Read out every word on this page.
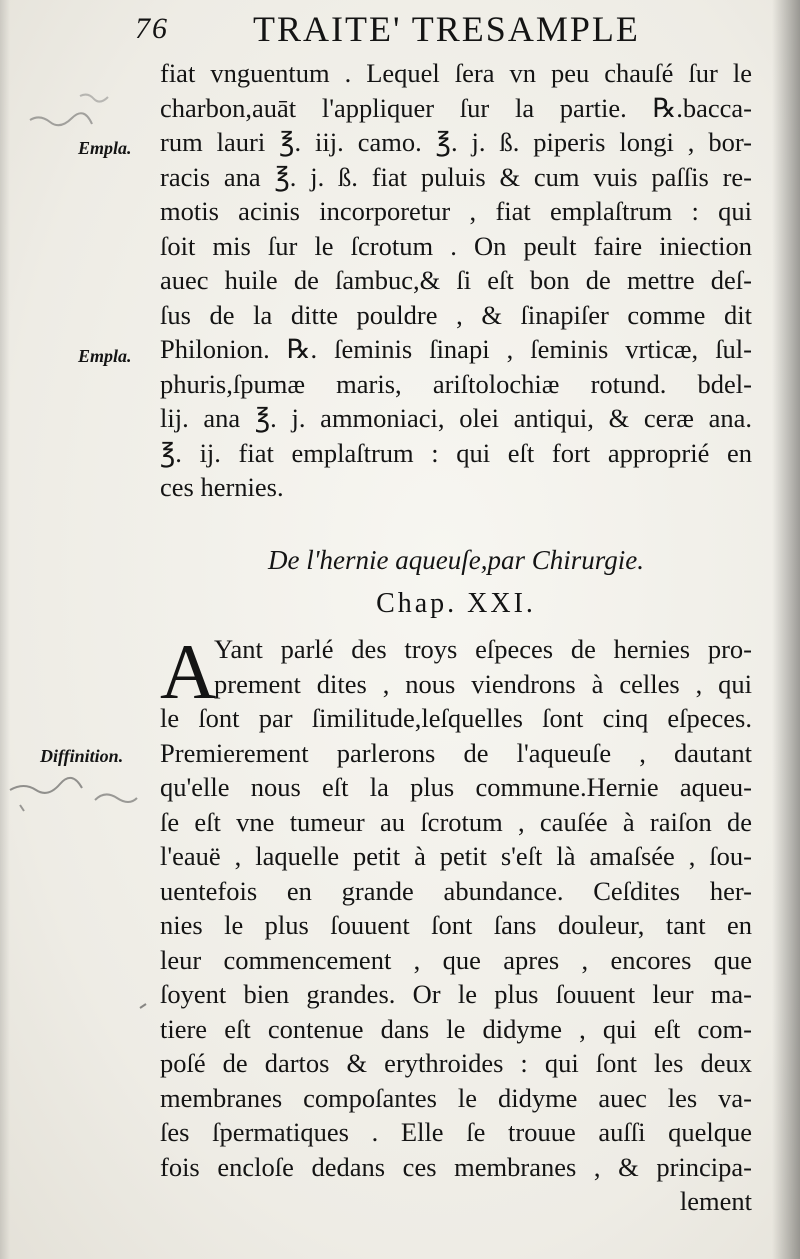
76 TRAITE' TRESAMPLE
Empla.
Empla.
Diffinition.
fiat vnguentum . Lequel ſera vn peu chauſé ſur le
charbon,auāt l'appliquer ſur la partie. ℞.bacca-
rum lauri ℥. iij. camo. ℥. j. ß. piperis longi , bor-
racis ana ℥. j. ß. fiat puluis & cum vuis paſſis re-
motis acinis incorporetur , fiat emplaſtrum : qui
ſoit mis ſur le ſcrotum . On peult faire iniection
auec huile de ſambuc,& ſi eſt bon de mettre deſ-
ſus de la ditte pouldre , & ſinapiſer comme dit
Philonion. ℞. ſeminis ſinapi , ſeminis vrticæ, ſul-
phuris,ſpumæ maris, ariſtolochiæ rotund. bdel-
lij. ana ℥. j. ammoniaci, olei antiqui, & ceræ ana.
℥. ij. fiat emplaſtrum : qui eſt fort approprié en
ces hernies.
De l'hernie aqueuſe,par Chirurgie.
Chap. XXI.
A
Yant parlé des troys eſpeces de hernies pro-
prement dites , nous viendrons à celles , qui
le ſont par ſimilitude,leſquelles ſont cinq eſpeces.
Premierement parlerons de l'aqueuſe , dautant
qu'elle nous eſt la plus commune.Hernie aqueu-
ſe eſt vne tumeur au ſcrotum , cauſée à raiſon de
l'eauë , laquelle petit à petit s'eſt là amaſsée , ſou-
uentefois en grande abundance. Ceſdites her-
nies le plus ſouuent ſont ſans douleur, tant en
leur commencement , que apres , encores que
ſoyent bien grandes. Or le plus ſouuent leur ma-
tiere eſt contenue dans le didyme , qui eſt com-
poſé de dartos & erythroides : qui ſont les deux
membranes compoſantes le didyme auec les va-
ſes ſpermatiques . Elle ſe trouue auſſi quelque
fois encloſe dedans ces membranes , & principa-
lement
